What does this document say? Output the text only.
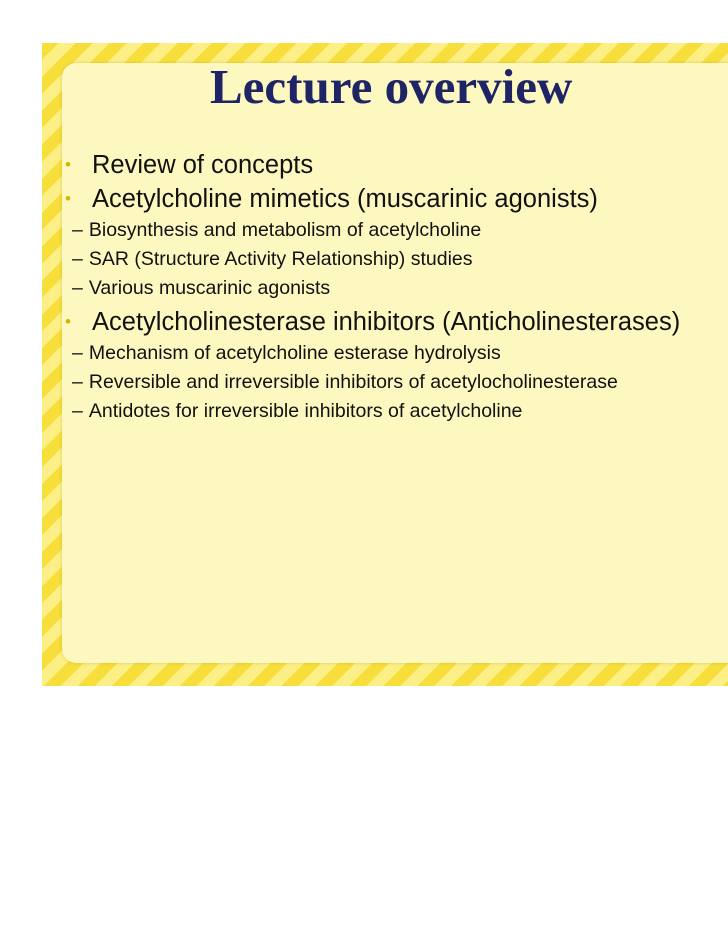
Lecture overview
• Review of concepts
• Acetylcholine mimetics (muscarinic agonists)
– Biosynthesis and metabolism of acetylcholine
– SAR (Structure Activity Relationship) studies
– Various muscarinic agonists
• Acetylcholinesterase inhibitors (Anticholinesterases)
– Mechanism of acetylcholine esterase hydrolysis
– Reversible and irreversible inhibitors of acetylocholinesterase
– Antidotes for irreversible inhibitors of acetylcholine
